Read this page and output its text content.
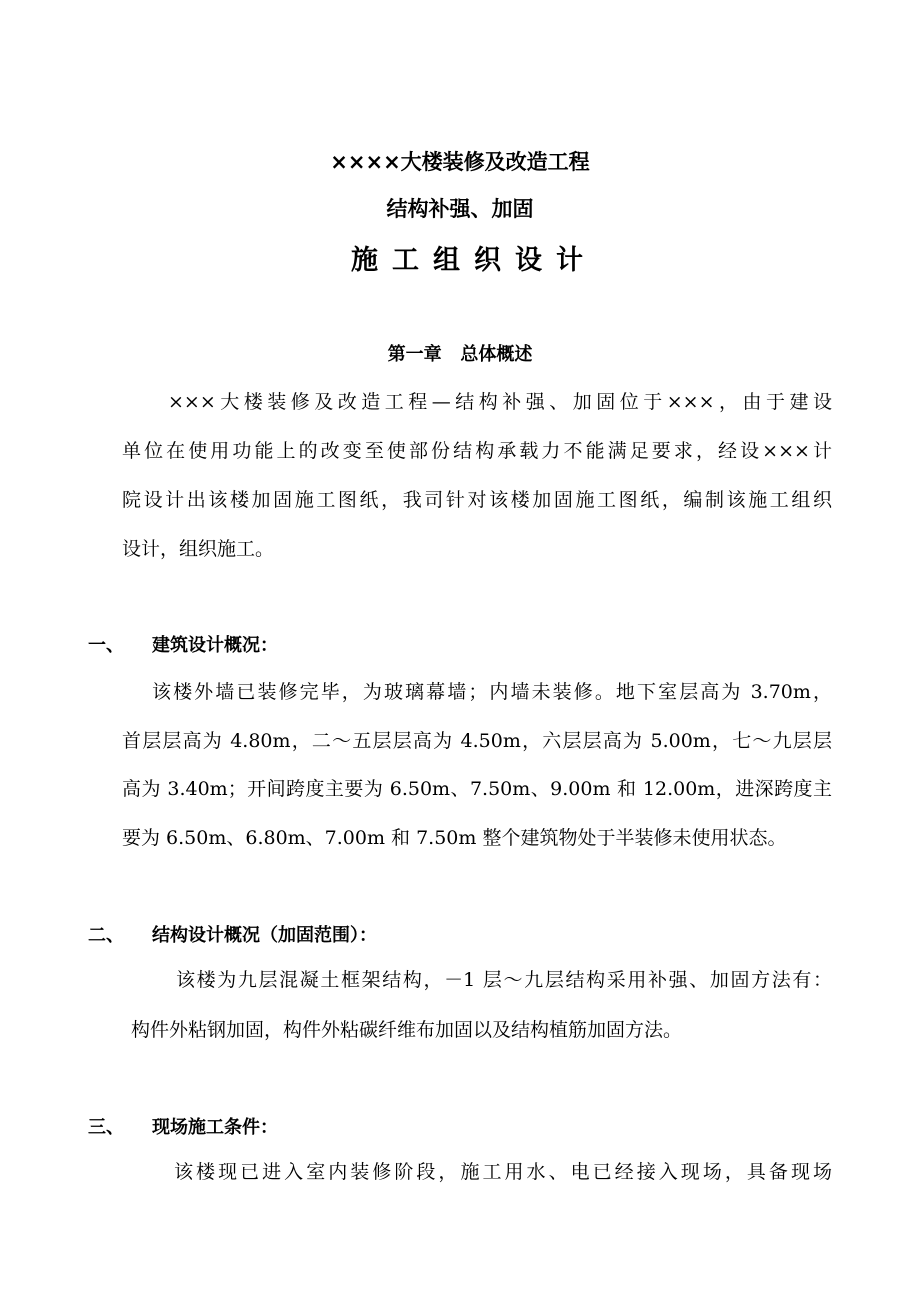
××××大楼装修及改造工程
结构补强、加固
施工组织设计
第一章 总体概述
×××大楼装修及改造工程—结构补强、加固位于×××，由于建设
单位在使用功能上的改变至使部份结构承载力不能满足要求，经设×××计
院设计出该楼加固施工图纸，我司针对该楼加固施工图纸，编制该施工组织
设计，组织施工。
一、 建筑设计概况：
该楼外墙已装修完毕，为玻璃幕墙；内墙未装修。地下室层高为 3.70m，
首层层高为 4.80m，二～五层层高为 4.50m，六层层高为 5.00m，七～九层层
高为 3.40m；开间跨度主要为 6.50m、7.50m、9.00m 和 12.00m，进深跨度主
要为 6.50m、6.80m、7.00m 和 7.50m 整个建筑物处于半装修未使用状态。
二、 结构设计概况（加固范围）：
该楼为九层混凝土框架结构，－1 层～九层结构采用补强、加固方法有：
构件外粘钢加固，构件外粘碳纤维布加固以及结构植筋加固方法。
三、 现场施工条件：
该楼现已进入室内装修阶段，施工用水、电已经接入现场，具备现场
